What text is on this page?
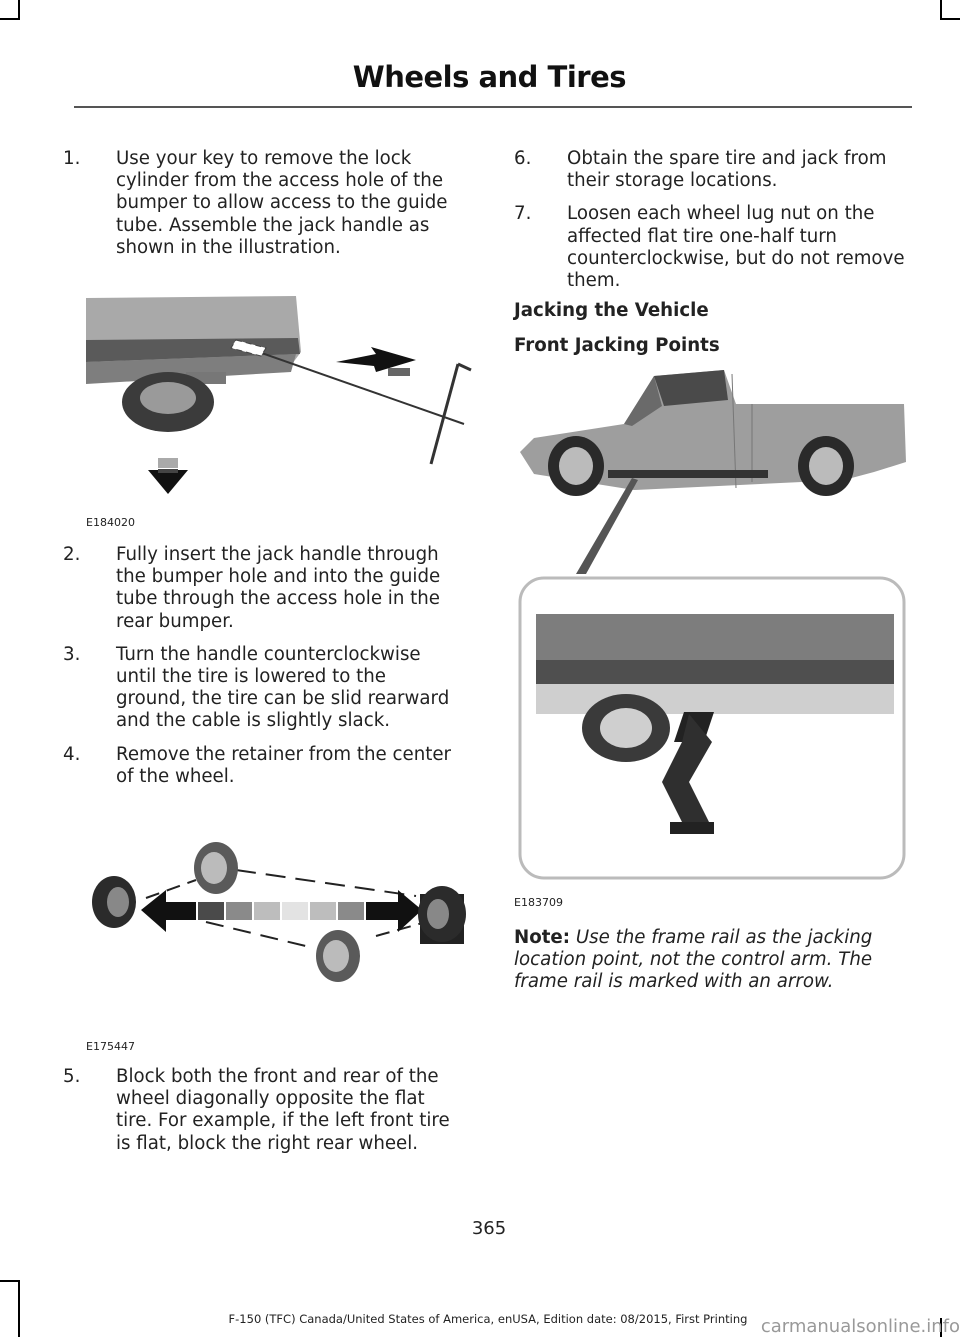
Wheels and Tires

1. Use your key to remove the lock cylinder from the access hole of the bumper to allow access to the guide tube. Assemble the jack handle as shown in the illustration.

E184020

2. Fully insert the jack handle through the bumper hole and into the guide tube through the access hole in the rear bumper.

3. Turn the handle counterclockwise until the tire is lowered to the ground, the tire can be slid rearward and the cable is slightly slack.

4. Remove the retainer from the center of the wheel.

E175447

5. Block both the front and rear of the wheel diagonally opposite the flat tire. For example, if the left front tire is flat, block the right rear wheel.

6. Obtain the spare tire and jack from their storage locations.

7. Loosen each wheel lug nut on the affected flat tire one-half turn counterclockwise, but do not remove them.

Jacking the Vehicle
Front Jacking Points
E183709
Note: Use the frame rail as the jacking location point, not the control arm. The frame rail is marked with an arrow.
365
F-150 (TFC) Canada/United States of America, enUSA, Edition date: 08/2015, First Printing carmanualsonline.info
